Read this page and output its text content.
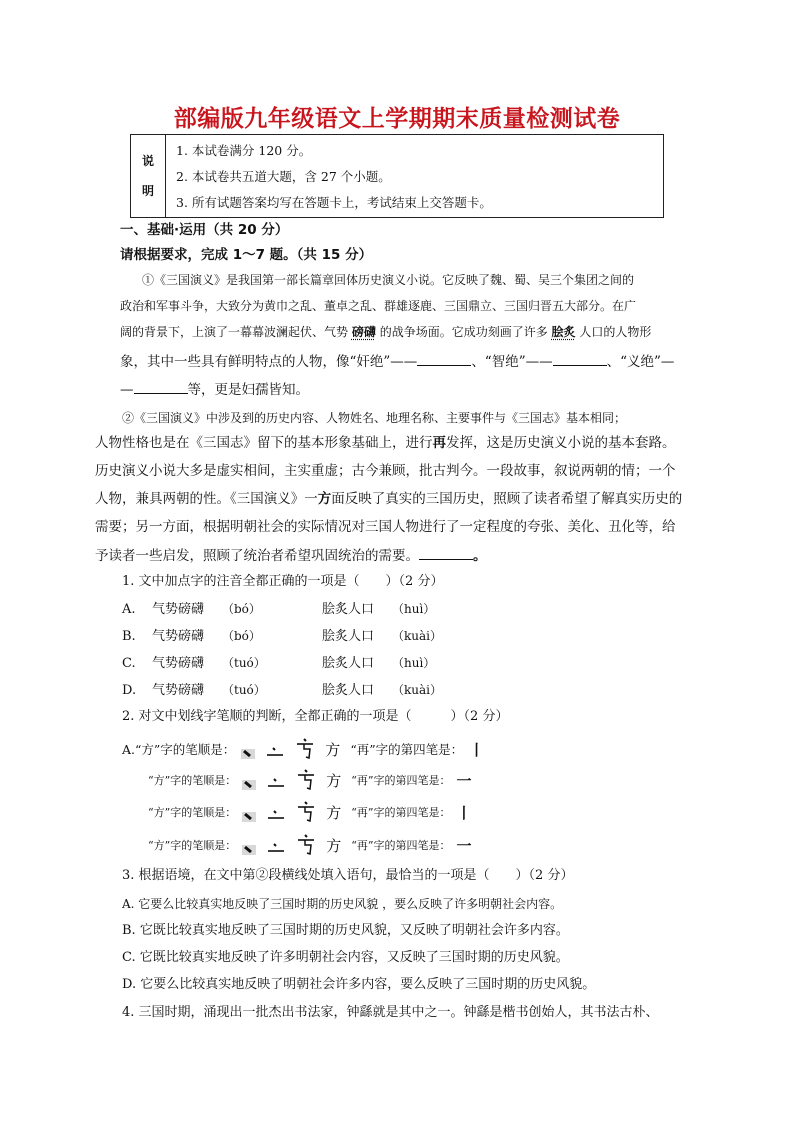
部编版九年级语文上学期期末质量检测试卷
说
明
1. 本试卷满分 120 分。
2. 本试卷共五道大题，含 27 个小题。
3. 所有试题答案均写在答题卡上，考试结束上交答题卡。
一、基础·运用（共 20 分）
请根据要求，完成 1～7 题。（共 15 分）
①《三国演义》是我国第一部长篇章回体历史演义小说。它反映了魏、蜀、吴三个集团之间的
政治和军事斗争，大致分为黄巾之乱、董卓之乱、群雄逐鹿、三国鼎立、三国归晋五大部分。在广
阔的背景下，上演了一幕幕波澜起伏、气势 磅礴 的战争场面。它成功刻画了许多 脍炙 人口的人物形
象，其中一些具有鲜明特点的人物，像“奸绝”——	、“智绝”——	、“义绝”—
—	等，更是妇孺皆知。
②《三国演义》中涉及到的历史内容、人物姓名、地理名称、主要事件与《三国志》基本相同；
人物性格也是在《三国志》留下的基本形象基础上，进行再发挥，这是历史演义小说的基本套路。
历史演义小说大多是虚实相间，主实重虚；古今兼顾，批古判今。一段故事，叙说两朝的情；一个
人物，兼具两朝的性。《三国演义》一方面反映了真实的三国历史，照顾了读者希望了解真实历史的
需要；另一方面，根据明朝社会的实际情况对三国人物进行了一定程度的夸张、美化、丑化等，给
予读者一些启发，照顾了统治者希望巩固统治的需要。	。
1. 文中加点字的注音全都正确的一项是（　　）（2 分）
A. 气势磅礴 （bó）	脍炙人口 （huì）
B. 气势磅礴 （bó）	脍炙人口 （kuài）
C. 气势磅礴 （tuó）	脍炙人口 （huì）
D. 气势磅礴 （tuó）	脍炙人口 （kuài）
2. 对文中划线字笔顺的判断，全都正确的一项是（　　　）（2 分）
A.“方”字的笔顺是：	方 “再”字的第四笔是： 丨
“方”字的笔顺是：	方 “再”字的第四笔是： 一
“方”字的笔顺是：	方 “再”字的第四笔是： 丨
“方”字的笔顺是：	方 “再”字的第四笔是： 一
3. 根据语境，在文中第②段横线处填入语句，最恰当的一项是（　　）（2 分）
A. 它要么比较真实地反映了三国时期的历史风貌 ，要么反映了许多明朝社会内容。
B. 它既比较真实地反映了三国时期的历史风貌，又反映了明朝社会许多内容。
C. 它既比较真实地反映了许多明朝社会内容，又反映了三国时期的历史风貌。
D. 它要么比较真实地反映了明朝社会许多内容，要么反映了三国时期的历史风貌。
4. 三国时期，涌现出一批杰出书法家，钟繇就是其中之一。钟繇是楷书创始人，其书法古朴、
